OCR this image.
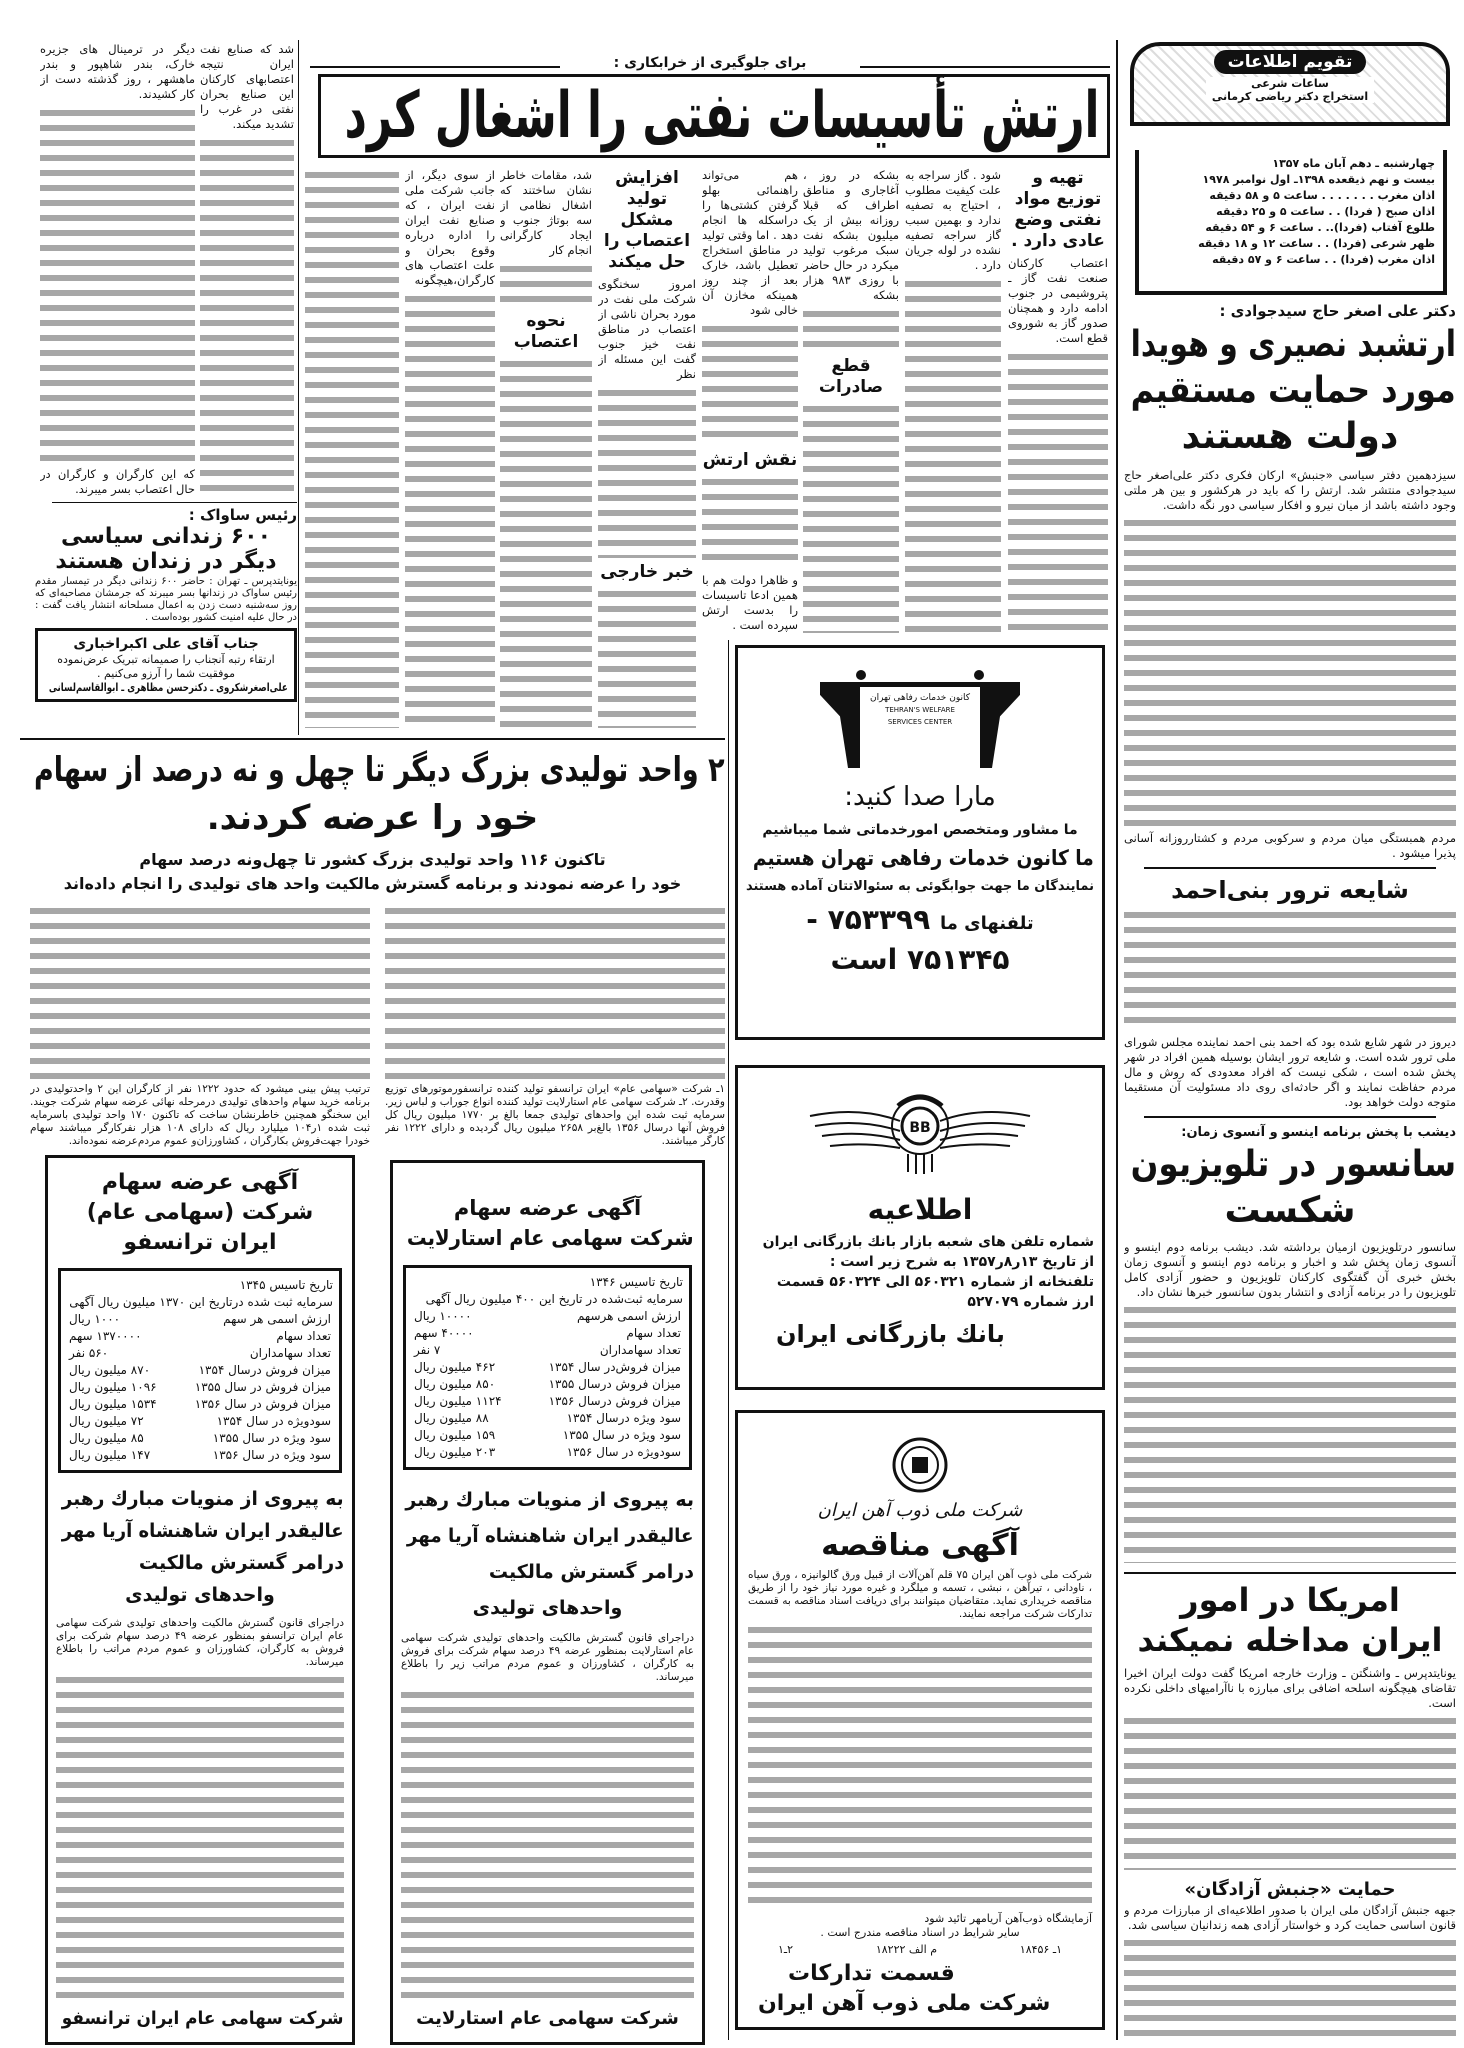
تقویم اطلاعات
ساعات شرعی
استخراج دکتر ریاضی کرمانی
چهارشنبه ـ دهم آبان ماه ۱۳۵۷
بیست و نهم ذیقعده ۱۳۹۸ـ اول نوامبر ۱۹۷۸
اذان مغرب . . . . . . . ساعت ۵ و ۵۸ دقیقه
اذان صبح ( فردا) . . ساعت ۵ و ۲۵ دقیقه
طلوع آفتاب (فردا).. . ساعت ۶ و ۵۴ دقیقه
ظهر شرعی (فردا) . . ساعت ۱۲ و ۱۸ دقیقه
اذان مغرب (فردا) . . ساعت ۶ و ۵۷ دقیقه
دکتر علی اصغر حاج سیدجوادی :
ارتشبد نصیری و هویدا
مورد حمایت مستقیم
دولت هستند
سیزدهمین دفتر سیاسی «جنبش» ارکان فکری دکتر علی‌اصغر حاج سیدجوادی منتشر شد. ارتش را که باید در هرکشور و بین هر ملتی وجود داشته باشد از میان نیرو و افکار سیاسی دور نگه داشت.
مردم همبستگی میان مردم و سرکوبی مردم و کشتارروزانه آسانی پذیرا میشود .
شایعه ترور بنی‌احمد
دیروز در شهر شایع شده بود که احمد بنی احمد نماینده مجلس شورای ملی ترور شده است. و شایعه ترور ایشان بوسیله همین افراد در شهر پخش شده است ، شکی نیست که افراد معدودی که روش و مال مردم حفاظت نمایند و اگر حادثه‌ای روی داد مسئولیت آن مستقیما متوجه دولت خواهد بود.
دیشب با پخش برنامه اینسو و آنسوی زمان:
سانسور در تلویزیون
شکست
سانسور درتلویزیون ازمیان برداشته شد. دیشب برنامه دوم اینسو و آنسوی زمان پخش شد و اخبار و برنامه دوم اینسو و آنسوی زمان بخش خبری آن گفتگوی کارکنان تلویزیون و حضور آزادی کامل تلویزیون را در برنامه آزادی و انتشار بدون سانسور خبرها نشان داد.
امریکا در امور
ایران مداخله نمیکند
یونایتدپرس ـ واشنگتن ـ وزارت خارجه امریکا گفت دولت ایران اخیرا تقاضای هیچگونه اسلحه اضافی برای مبارزه با ناآرامیهای داخلی نکرده است.
حمایت «جنبش آزادگان»
جبهه جنبش آزادگان ملی ایران با صدور اطلاعیه‌ای از مبارزات مردم و قانون اساسی حمایت کرد و خواستار آزادی همه زندانیان سیاسی شد.
برای جلوگیری از خرابکاری :
ارتش تأسیسات نفتی را اشغال کرد
تهیه و توزیع مواد نفتی وضع عادی دارد .
اعتصاب کارکنان صنعت نفت گاز ـ پتروشیمی در جنوب ادامه دارد و همچنان صدور گاز به شوروی قطع است.
شود . گاز سراجه به علت کیفیت مطلوب ، احتیاج به تصفیه ندارد و بهمین سبب گاز سراجه تصفیه نشده در لوله جریان دارد .
بشکه در روز ، آغاجاری و مناطق اطراف که قبلا روزانه بیش از یک میلیون بشکه نفت سبک مرغوب تولید میکرد در حال حاضر با روزی ۹۸۳ هزار بشکه
قطع صادرات
هم می‌تواند راهنمائی بهلو گرفتن کشتی‌ها را دراسکله ها انجام دهد . اما وقتی تولید در مناطق استخراج تعطیل باشد، خارک بعد از چند روز همینکه مخازن آن خالی شود
نقش ارتش
و ظاهرا دولت هم با همین ادعا تاسیسات را بدست ارتش سپرده است .
افزایش تولید مشکل اعتصاب را حل میکند
امروز سخنگوی شرکت ملی نفت در مورد بحران ناشی از اعتصاب در مناطق نفت خیز جنوب گفت این مسئله از نظر
خبر خارجی
شد، مقامات خاطر نشان ساختند که اشغال نظامی از سه بوتاژ جنوب و ایجاد کارگرانی انجام کار
نحوه اعتصاب
از سوی دیگر، از جانب شرکت ملی نفت ایران ، که صنایع نفت ایران را اداره درباره وقوع بحران و علت اعتصاب های کارگران،هیچگونه
شد که صنایع نفت ایران نتیجه اعتصابهای کارکنان این صنایع بحران نفتی در غرب را تشدید میکند.
دیگر در ترمینال های جزیره خارک، بندر شاهپور و بندر ماهشهر ، روز گذشته دست از کار کشیدند.
که این کارگران و کارگران در حال اعتصاب بسر میبرند.
رئیس ساواک :
۶۰۰ زندانی سیاسی دیگر در زندان هستند
یونایتدپرس ـ تهران : حاضر ۶۰۰ زندانی دیگر در تیمسار مقدم رئیس ساواک در زندانها بسر میبرند که جرمشان مصاحبه‌ای که روز سه‌شنبه دست زدن به اعمال مسلحانه انتشار یافت گفت : در حال علیه امنیت کشور بوده‌است .
جناب آقای علی اکبراخباری
ارتقاء رتبه آنجناب را صمیمانه تبریک عرض‌نموده موفقیت شما را آرزو می‌کنیم .
علی‌اصغرشکروی ـ دکترحسن مظاهری ـ ابوالقاسم‌لسانی
۲ واحد تولیدی بزرگ دیگر تا چهل و نه درصد از سهام
خود را عرضه کردند.
تاکنون ۱۱۶ واحد تولیدی بزرگ کشور تا چهل‌ونه درصد سهام
خود را عرضه نمودند و برنامه گسترش مالکیت واحد های تولیدی را انجام داده‌اند
۱ـ شرکت «سهامی عام» ایران ترانسفو تولید کننده ترانسفورموتورهای توزیع وقدرت. ۲ـ شرکت سهامی عام استارلایت تولید کننده انواع جوراب و لباس زیر. سرمایه ثبت شده این واحدهای تولیدی جمعا بالغ بر ۱۷۷۰ میلیون ریال کل فروش آنها درسال ۱۳۵۶ بالغ‌بر ۲۶۵۸ میلیون ریال گردیده و دارای ۱۲۲۲ نفر کارگر میباشند.
ترتیب پیش بینی میشود که حدود ۱۲۲۲ نفر از کارگران این ۲ واحدتولیدی در برنامه خرید سهام واحدهای تولیدی درمرحله نهائی عرضه سهام شرکت جویند. این سخنگو همچنین خاطرنشان ساخت که تاکنون ۱۷۰ واحد تولیدی باسرمایه ثبت شده ۱ر۱۰۴ میلیارد ریال که دارای ۱۰۸ هزار نفرکارگر میباشند سهام خودرا جهت‌فروش بکارگران ، کشاورزان‌و عموم مردم‌عرضه نموده‌اند.
آگهی عرضه سهام
شرکت (سهامی عام)
ایران ترانسفو
تاریخ تاسیس ۱۳۴۵
سرمایه ثبت شده درتاریخ این ۱۳۷۰ میلیون ریال آگهی
ارزش اسمی هر سهم	۱۰۰۰ ریال
تعداد سهام	۱۳۷۰۰۰۰ سهم
تعداد سهامداران	۵۶۰ نفر
میزان فروش درسال ۱۳۵۴	۸۷۰ میلیون ریال
میزان فروش در سال ۱۳۵۵	۱۰۹۶ میلیون ریال
میزان فروش در سال ۱۳۵۶	۱۵۳۴ میلیون ریال
سودویژه در سال ۱۳۵۴	۷۲ میلیون ریال
سود ویژه در سال ۱۳۵۵	۸۵ میلیون ریال
سود ویژه در سال ۱۳۵۶	۱۴۷ میلیون ریال
به پیروی از منویات مبارك رهبر
عالیقدر ایران شاهنشاه آریا مهر
درامر گسترش مالکیت
واحدهای تولیدی
دراجرای قانون گسترش مالکیت واحدهای تولیدی شرکت سهامی عام ایران ترانسفو بمنظور عرضه ۴۹ درصد سهام شرکت برای فروش به کارگران، کشاورزان و عموم مردم مراتب را باطلاع میرساند.
شرکت سهامی عام ایران ترانسفو
آگهی عرضه سهام
شرکت سهامی عام استارلایت
تاریخ تاسیس ۱۳۴۶
سرمایه ثبت‌شده در تاریخ این ۴۰۰ میلیون ریال آگهی
ارزش اسمی هرسهم	۱۰۰۰۰ ریال
تعداد سهام	۴۰۰۰۰ سهم
تعداد سهامداران	۷ نفر
میزان فروش‌در سال ۱۳۵۴	۴۶۲ میلیون ریال
میزان فروش درسال ۱۳۵۵	۸۵۰ میلیون ریال
میزان فروش درسال ۱۳۵۶	۱۱۲۴ میلیون ریال
سود ویژه درسال ۱۳۵۴	۸۸ میلیون ریال
سود ویژه در سال ۱۳۵۵	۱۵۹ میلیون ریال
سودویژه در سال ۱۳۵۶	۲۰۳ میلیون ریال
به پیروی از منویات مبارك رهبر
عالیقدر ایران شاهنشاه آریا مهر
درامر گسترش مالکیت
واحدهای تولیدی
دراجرای قانون گسترش مالکیت واحدهای تولیدی شرکت سهامی عام استارلایت بمنظور عرضه ۴۹ درصد سهام شرکت برای فروش به کارگران ، کشاورزان و عموم مردم مراتب زیر را باطلاع میرساند.
شرکت سهامی عام استارلایت
کانون خدمات رفاهی تهران
TEHRAN'S WELFARE
SERVICES CENTER
مارا صدا کنید:
ما مشاور ومتخصص امورخدماتی شما میباشیم
ما کانون خدمات رفاهی تهران هستیم
نمایندگان ما جهت جوابگوئی به سئوالاتتان آماده هستند
تلفنهای ما ۷۵۳۳۹۹ -
۷۵۱۳۴۵ است
BB
اطلاعیه
شماره تلفن های شعبه بازار بانك بازرگانی ایران
از تاریخ ۱۳ر۸ر۱۳۵۷ به شرح زیر است :
تلفنخانه از شماره ۵۶۰۳۲۱ الی ۵۶۰۳۲۴ قسمت
ارز شماره ۵۲۷۰۷۹
بانك بازرگانی ایران
شرکت ملی ذوب آهن ایران
آگهی مناقصه
شرکت ملی ذوب آهن ایران ۷۵ قلم آهن‌آلات از قبیل ورق گالوانیزه ، ورق سیاه ، ناودانی ، تیرآهن ، نبشی ، تسمه و میلگرد و غیره مورد نیاز خود را از طریق مناقصه خریداری نماید. متقاضیان میتوانند برای دریافت اسناد مناقصه به قسمت تدارکات شرکت مراجعه نمایند.
آزمایشگاه ذوب‌آهن آریامهر تائید شود
سایر شرایط در اسناد مناقصه مندرج است .
۱ـ ۱۸۴۵۶
م الف ۱۸۲۲۲
۲ـ۱
قسمت تدارکات
شرکت ملی ذوب آهن ایران
